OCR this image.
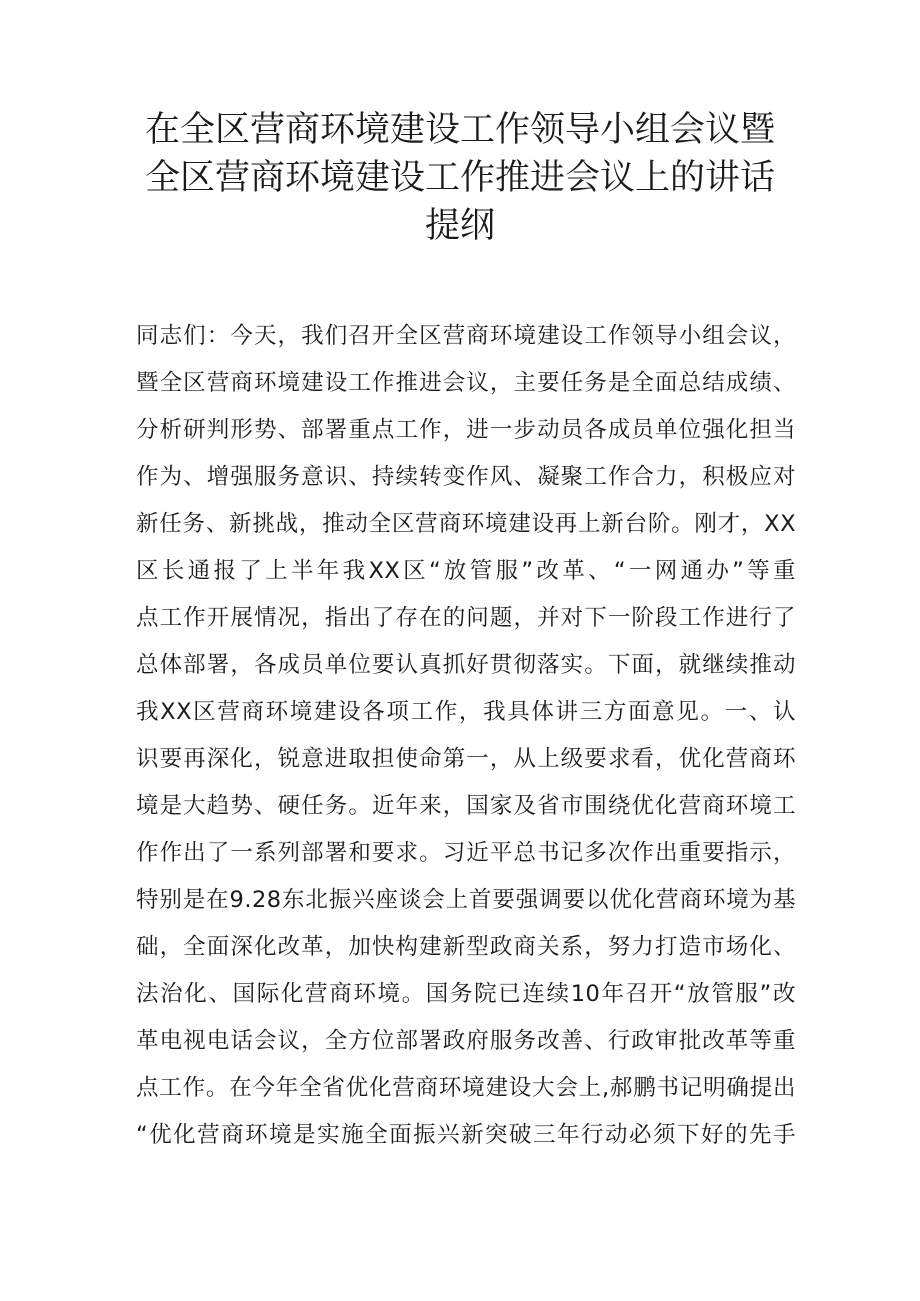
在全区营商环境建设工作领导小组会议暨
全区营商环境建设工作推进会议上的讲话
提纲
同志们：今天，我们召开全区营商环境建设工作领导小组会议，
暨全区营商环境建设工作推进会议，主要任务是全面总结成绩、
分析研判形势、部署重点工作，进一步动员各成员单位强化担当
作为、增强服务意识、持续转变作风、凝聚工作合力，积极应对
新任务、新挑战，推动全区营商环境建设再上新台阶。刚才，XX
区长通报了上半年我XX区“放管服”改革、“一网通办”等重
点工作开展情况，指出了存在的问题，并对下一阶段工作进行了
总体部署，各成员单位要认真抓好贯彻落实。下面，就继续推动
我XX区营商环境建设各项工作，我具体讲三方面意见。一、认
识要再深化，锐意进取担使命第一，从上级要求看，优化营商环
境是大趋势、硬任务。近年来，国家及省市围绕优化营商环境工
作作出了一系列部署和要求。习近平总书记多次作出重要指示，
特别是在9.28东北振兴座谈会上首要强调要以优化营商环境为基
础，全面深化改革，加快构建新型政商关系，努力打造市场化、
法治化、国际化营商环境。国务院已连续10年召开“放管服”改
革电视电话会议，全方位部署政府服务改善、行政审批改革等重
点工作。在今年全省优化营商环境建设大会上,郝鹏书记明确提出
“优化营商环境是实施全面振兴新突破三年行动必须下好的先手
